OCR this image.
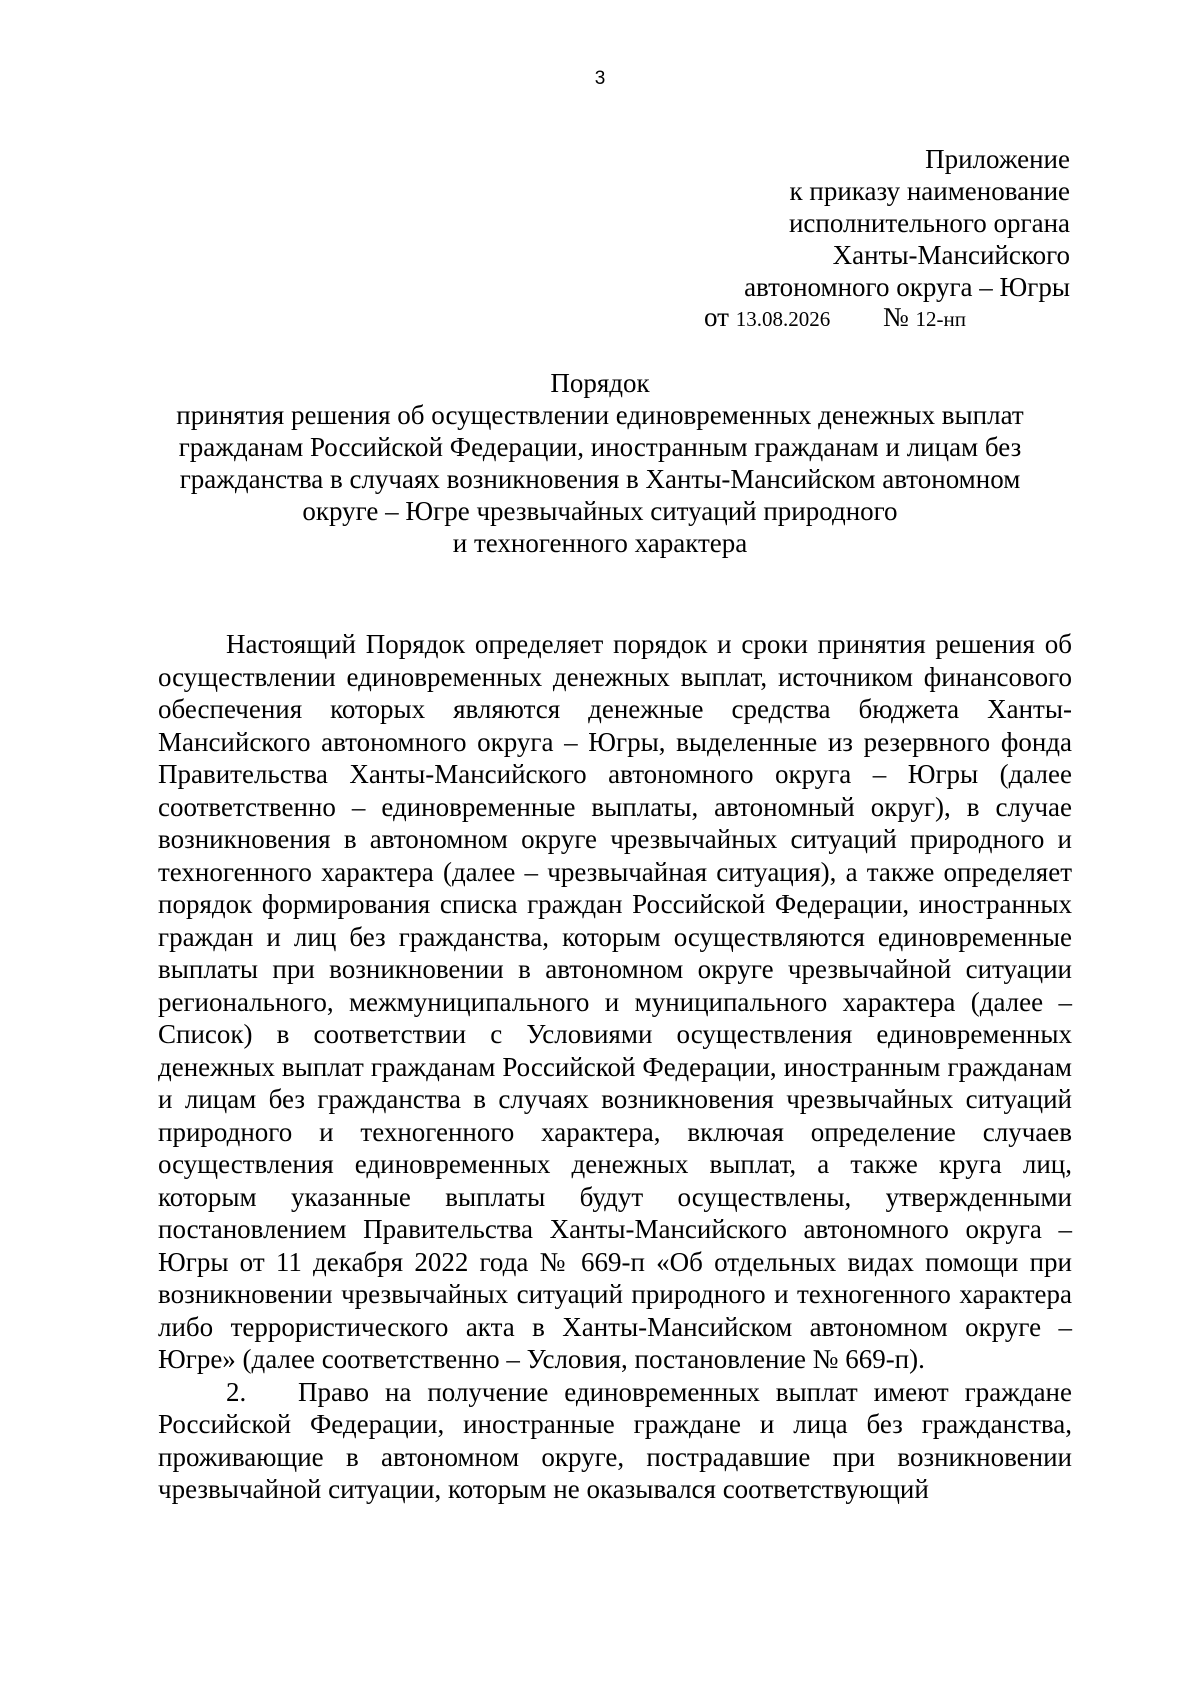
3
Приложение
к приказу наименование
исполнительного органа
Ханты-Мансийского
автономного округа – Югры
от 13.08.2026 № 12-нп
Порядок
принятия решения об осуществлении единовременных денежных выплат
гражданам Российской Федерации, иностранным гражданам и лицам без
гражданства в случаях возникновения в Ханты-Мансийском автономном
округе – Югре чрезвычайных ситуаций природного
и техногенного характера

Настоящий Порядок определяет порядок и сроки принятия решения об осуществлении единовременных денежных выплат, источником финансового обеспечения которых являются денежные средства бюджета Ханты-Мансийского автономного округа – Югры, выделенные из резервного фонда Правительства Ханты-Мансийского автономного округа – Югры (далее соответственно – единовременные выплаты, автономный округ), в случае возникновения в автономном округе чрезвычайных ситуаций природного и техногенного характера (далее – чрезвычайная ситуация), а также определяет порядок формирования списка граждан Российской Федерации, иностранных граждан и лиц без гражданства, которым осуществляются единовременные выплаты при возникновении в автономном округе чрезвычайной ситуации регионального, межмуниципального и муниципального характера (далее – Список) в соответствии с Условиями осуществления единовременных денежных выплат гражданам Российской Федерации, иностранным гражданам и лицам без гражданства в случаях возникновения чрезвычайных ситуаций природного и техногенного характера, включая определение случаев осуществления единовременных денежных выплат, а также круга лиц, которым указанные выплаты будут осуществлены, утвержденными постановлением Правительства Ханты-Мансийского автономного округа – Югры от 11 декабря 2022 года № 669-п «Об отдельных видах помощи при возникновении чрезвычайных ситуаций природного и техногенного характера либо террористического акта в Ханты-Мансийском автономном округе – Югре» (далее соответственно – Условия, постановление № 669-п).

2. Право на получение единовременных выплат имеют граждане Российской Федерации, иностранные граждане и лица без гражданства, проживающие в автономном округе, пострадавшие при возникновении чрезвычайной ситуации, которым не оказывался соответствующий
